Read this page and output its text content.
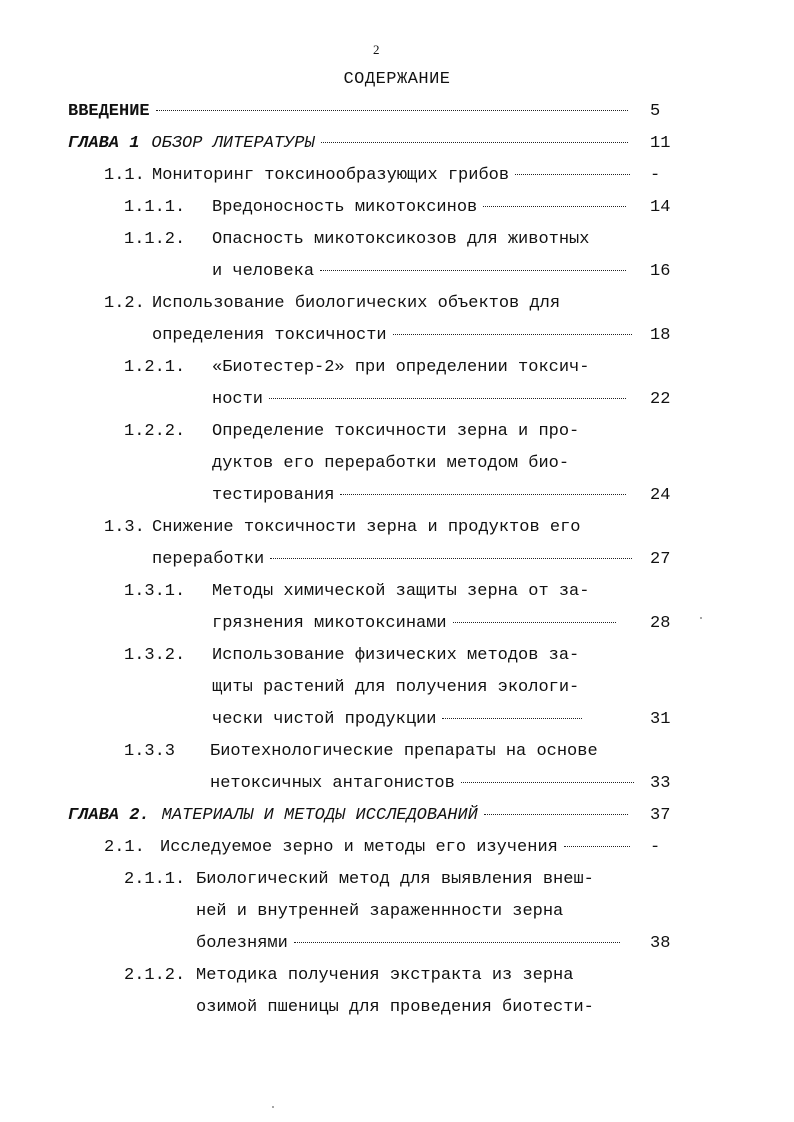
2
СОДЕРЖАНИЕ
ВВЕДЕНИЕ	5
ГЛАВА 1 ОБЗОР ЛИТЕРАТУРЫ	11
1.1. Мониторинг токсинообразующих грибов	-
1.1.1. Вредоносность микотоксинов	14
1.1.2. Опасность микотоксикозов для животных
и человека	16
1.2. Использование биологических объектов для
определения токсичности	18
1.2.1. «Биотестер-2» при определении токсич-
ности	22
1.2.2. Определение токсичности зерна и про-
дуктов его переработки методом био-
тестирования	24
1.3. Снижение токсичности зерна и продуктов его
переработки	27
1.3.1. Методы химической защиты зерна от за-
грязнения микотоксинами	28
1.3.2. Использование физических методов за-
щиты растений для получения экологи-
чески чистой продукции	31
1.3.3 Биотехнологические препараты на основе
нетоксичных антагонистов	33
ГЛАВА 2. МАТЕРИАЛЫ И МЕТОДЫ ИССЛЕДОВАНИЙ	37
2.1. Исследуемое зерно и методы его изучения	-
2.1.1. Биологический метод для выявления внеш-
ней и внутренней зараженнности зерна
болезнями	38
2.1.2. Методика получения экстракта из зерна
озимой пшеницы для проведения биотести-
